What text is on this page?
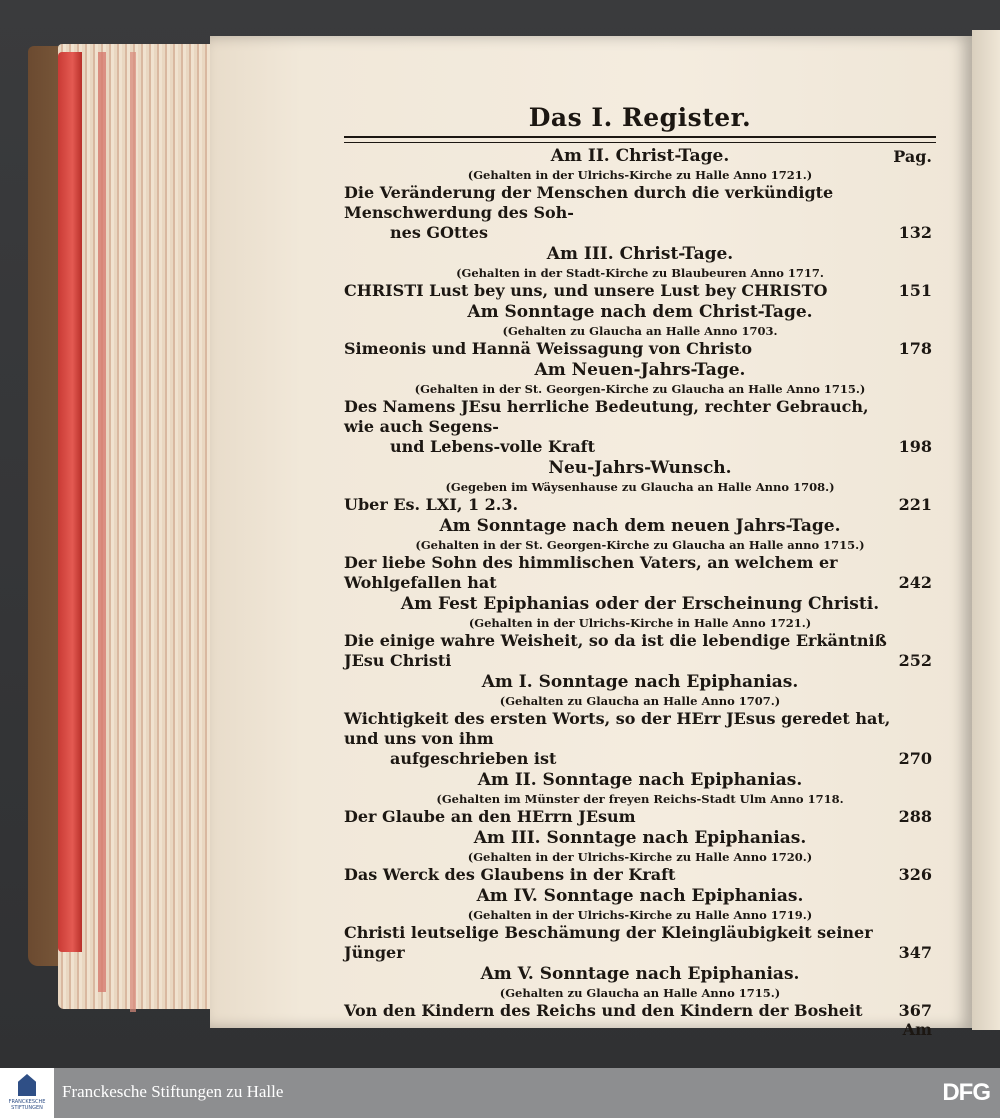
Das I. Register.
Pag.
Am II. Christ-Tage.
(Gehalten in der Ulrichs-Kirche zu Halle Anno 1721.)
Die Veränderung der Menschen durch die verkündigte Menschwerdung des Soh-
nes GOttes	132
Am III. Christ-Tage.
(Gehalten in der Stadt-Kirche zu Blaubeuren Anno 1717.
CHRISTI Lust bey uns, und unsere Lust bey CHRISTO	151
Am Sonntage nach dem Christ-Tage.
(Gehalten zu Glaucha an Halle Anno 1703.
Simeonis und Hannä Weissagung von Christo	178
Am Neuen-Jahrs-Tage.
(Gehalten in der St. Georgen-Kirche zu Glaucha an Halle Anno 1715.)
Des Namens JEsu herrliche Bedeutung, rechter Gebrauch, wie auch Segens-
und Lebens-volle Kraft	198
Neu-Jahrs-Wunsch.
(Gegeben im Wäysenhause zu Glaucha an Halle Anno 1708.)
Uber Es. LXI, 1 2.3.	221
Am Sonntage nach dem neuen Jahrs-Tage.
(Gehalten in der St. Georgen-Kirche zu Glaucha an Halle anno 1715.)
Der liebe Sohn des himmlischen Vaters, an welchem er Wohlgefallen hat	242
Am Fest Epiphanias oder der Erscheinung Christi.
(Gehalten in der Ulrichs-Kirche in Halle Anno 1721.)
Die einige wahre Weisheit, so da ist die lebendige Erkäntniß JEsu Christi	252
Am I. Sonntage nach Epiphanias.
(Gehalten zu Glaucha an Halle Anno 1707.)
Wichtigkeit des ersten Worts, so der HErr JEsus geredet hat, und uns von ihm
aufgeschrieben ist	270
Am II. Sonntage nach Epiphanias.
(Gehalten im Münster der freyen Reichs-Stadt Ulm Anno 1718.
Der Glaube an den HErrn JEsum	288
Am III. Sonntage nach Epiphanias.
(Gehalten in der Ulrichs-Kirche zu Halle Anno 1720.)
Das Werck des Glaubens in der Kraft	326
Am IV. Sonntage nach Epiphanias.
(Gehalten in der Ulrichs-Kirche zu Halle Anno 1719.)
Christi leutselige Beschämung der Kleingläubigkeit seiner Jünger	347
Am V. Sonntage nach Epiphanias.
(Gehalten zu Glaucha an Halle Anno 1715.)
Von den Kindern des Reichs und den Kindern der Bosheit 367
Am
FRANCKESCHE STIFTUNGEN
Franckesche Stiftungen zu Halle	DFG
